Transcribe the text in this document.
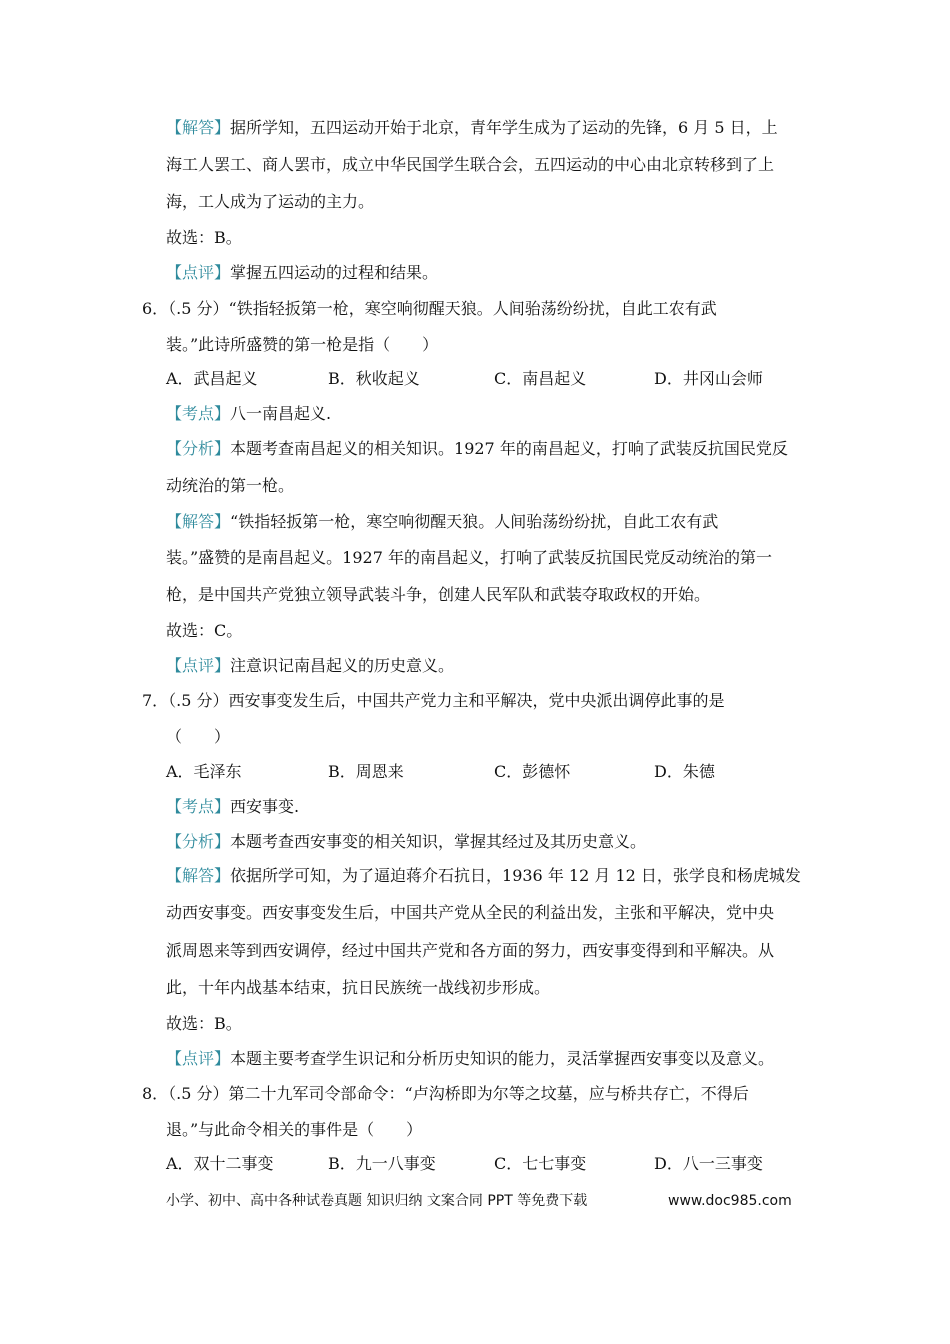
【解答】据所学知，五四运动开始于北京，青年学生成为了运动的先锋，6 月 5 日，上
海工人罢工、商人罢市，成立中华民国学生联合会，五四运动的中心由北京转移到了上
海，工人成为了运动的主力。
故选：B。
【点评】掌握五四运动的过程和结果。
6．（.5 分）“铁指轻扳第一枪，寒空响彻醒天狼。人间骀荡纷纷扰，自此工农有武
装。”此诗所盛赞的第一枪是指（　　）
A．武昌起义	B．秋收起义	C．南昌起义	D．井冈山会师
【考点】八一南昌起义.
【分析】本题考查南昌起义的相关知识。1927 年的南昌起义，打响了武装反抗国民党反
动统治的第一枪。
【解答】“铁指轻扳第一枪，寒空响彻醒天狼。人间骀荡纷纷扰，自此工农有武
装。”盛赞的是南昌起义。1927 年的南昌起义，打响了武装反抗国民党反动统治的第一
枪，是中国共产党独立领导武装斗争，创建人民军队和武装夺取政权的开始。
故选：C。
【点评】注意识记南昌起义的历史意义。
7．（.5 分）西安事变发生后，中国共产党力主和平解决，党中央派出调停此事的是
（　　）
A．毛泽东	B．周恩来	C．彭德怀	D．朱德
【考点】西安事变.
【分析】本题考查西安事变的相关知识，掌握其经过及其历史意义。
【解答】依据所学可知，为了逼迫蒋介石抗日，1936 年 12 月 12 日，张学良和杨虎城发
动西安事变。西安事变发生后，中国共产党从全民的利益出发，主张和平解决，党中央
派周恩来等到西安调停，经过中国共产党和各方面的努力，西安事变得到和平解决。从
此，十年内战基本结束，抗日民族统一战线初步形成。
故选：B。
【点评】本题主要考查学生识记和分析历史知识的能力，灵活掌握西安事变以及意义。
8．（.5 分）第二十九军司令部命令：“卢沟桥即为尔等之坟墓，应与桥共存亡，不得后
退。”与此命令相关的事件是（　　）
A．双十二事变	B．九一八事变	C．七七事变	D．八一三事变
小学、初中、高中各种试卷真题 知识归纳 文案合同 PPT 等免费下载	www.doc985.com
